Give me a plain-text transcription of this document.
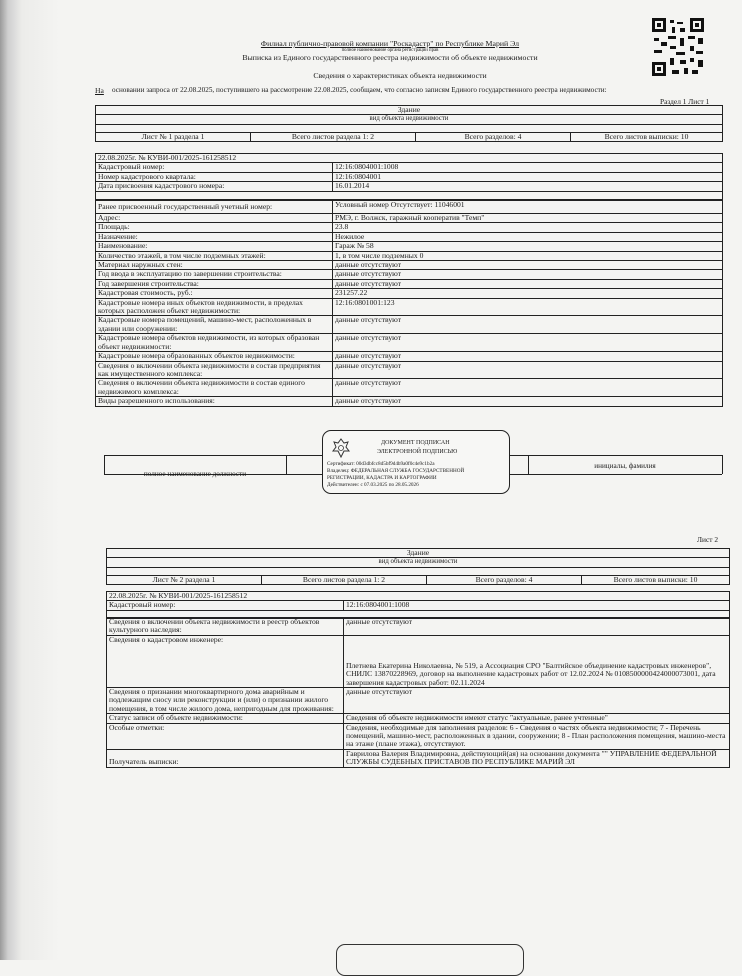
Филиал публично-правовой компании "Роскадастр" по Республике Марий Эл
полное наименование органа регистрации прав
Выписка из Единого государственного реестра недвижимости об объекте недвижимости
Сведения о характеристиках объекта недвижимости
На основании запроса от 22.08.2025, поступившего на рассмотрение 22.08.2025, сообщаем, что согласно записям Единого государственного реестра недвижимости:
Раздел 1 Лист 1
Здание
вид объекта недвижимости

Лист № 1 раздела 1	Всего листов раздела 1: 2	Всего разделов: 4	Всего листов выписки: 10
22.08.2025г. № КУВИ-001/2025-161258512	
Кадастровый номер:	12:16:0804001:1008
Номер кадастрового квартала:	12:16:0804001
Дата присвоения кадастрового номера:	16.01.2014

Ранее присвоенный государственный учетный номер:	Условный номер Отсутствует: 11046001
Адрес:	РМЭ, г. Волжск, гаражный кооператив "Темп"
Площадь:	23.8
Назначение:	Нежилое
Наименование:	Гараж № 58
Количество этажей, в том числе подземных этажей:	1, в том числе подземных 0
Материал наружных стен:	данные отсутствуют
Год ввода в эксплуатацию по завершении строительства:	данные отсутствуют
Год завершения строительства:	данные отсутствуют
Кадастровая стоимость, руб.:	231257.22
Кадастровые номера иных объектов недвижимости, в пределах которых расположен объект недвижимости:	12:16:0801001:123
Кадастровые номера помещений, машино-мест, расположенных в здании или сооружении:	данные отсутствуют
Кадастровые номера объектов недвижимости, из которых образован объект недвижимости:	данные отсутствуют
Кадастровые номера образованных объектов недвижимости:	данные отсутствуют
Сведения о включении объекта недвижимости в состав предприятия как имущественного комплекса:	данные отсутствуют
Сведения о включении объекта недвижимости в состав единого недвижимого комплекса:	данные отсутствуют
Виды разрешенного использования:	данные отсутствуют
полное наименование должности
инициалы, фамилия
ДОКУМЕНТ ПОДПИСАН
ЭЛЕКТРОННОЙ ПОДПИСЬЮ
Сертификат: 00d3dbfcc8d5bf9d4b9a0f0c4e9c1b2a
Владелец: ФЕДЕРАЛЬНАЯ СЛУЖБА ГОСУДАРСТВЕННОЙ
РЕГИСТРАЦИИ, КАДАСТРА И КАРТОГРАФИИ
Действителен: с 07.03.2025 по 28.05.2026
Лист 2
Здание
вид объекта недвижимости

Лист № 2 раздела 1	Всего листов раздела 1: 2	Всего разделов: 4	Всего листов выписки: 10
22.08.2025г. № КУВИ-001/2025-161258512
Кадастровый номер:	12:16:0804001:1008

Сведения о включении объекта недвижимости в реестр объектов культурного наследия:	данные отсутствуют
Сведения о кадастровом инженере:	Плетнева Екатерина Николаевна, № 519, а Ассоциация СРО "Балтийское объединение кадастровых инженеров", СНИЛС 13870228969, договор на выполнение кадастровых работ от 12.02.2024 № 0108500000424000073001, дата завершения кадастровых работ: 02.11.2024
Сведения о признании многоквартирного дома аварийным и подлежащим сносу или реконструкции и (или) о признании жилого помещения, в том числе жилого дома, непригодным для проживания:	данные отсутствуют
Статус записи об объекте недвижимости:	Сведения об объекте недвижимости имеют статус "актуальные, ранее учтенные"
Особые отметки:	Сведения, необходимые для заполнения разделов: 6 - Сведения о частях объекта недвижимости; 7 - Перечень помещений, машино-мест, расположенных в здании, сооружении; 8 - План расположения помещения, машино-места на этаже (плане этажа), отсутствуют.
Получатель выписки:	Гаврилова Валерия Владимировна, действующий(ая) на основании документа "" УПРАВЛЕНИЕ ФЕДЕРАЛЬНОЙ СЛУЖБЫ СУДЕБНЫХ ПРИСТАВОВ ПО РЕСПУБЛИКЕ МАРИЙ ЭЛ
